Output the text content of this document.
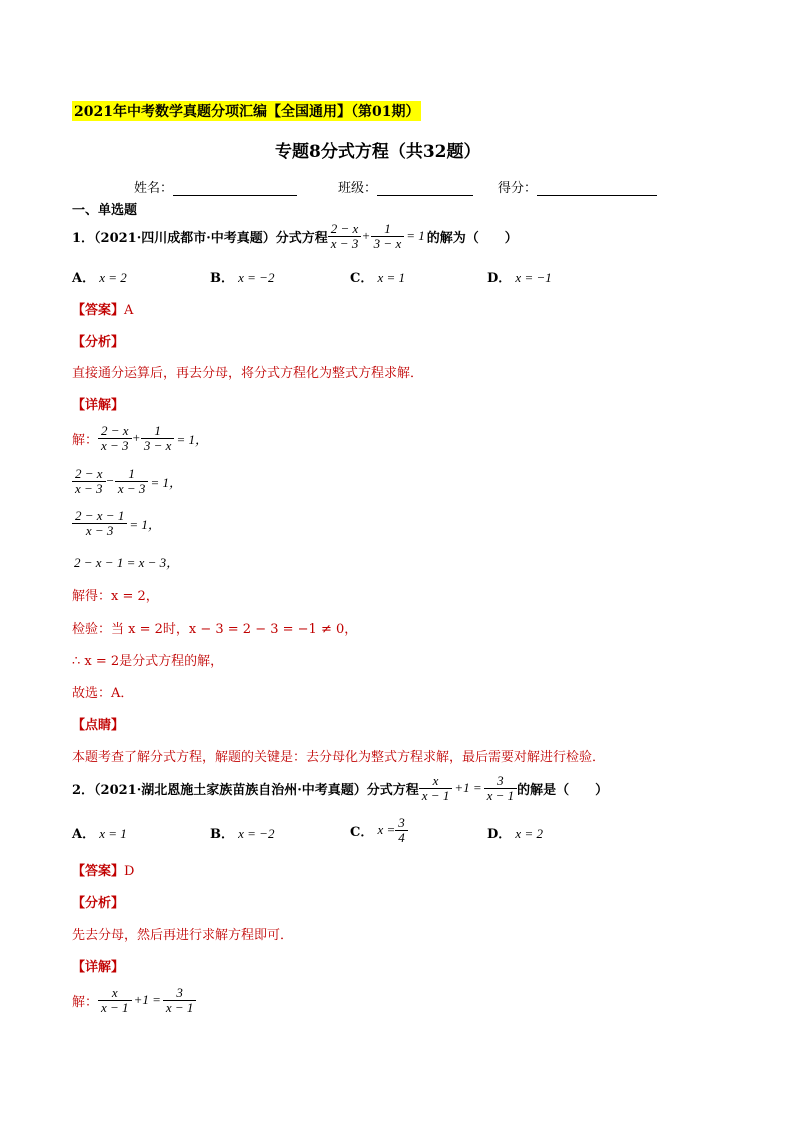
2021年中考数学真题分项汇编【全国通用】（第01期）
专题8分式方程（共32题）
姓名：	班级：	得分：
一、单选题
1．（2021·四川成都市·中考真题）分式方程 $\frac{2 - x}{x - 3} + \frac{1}{3 - x} = 1$ 的解为（　　）
A． x = 2	B． x = −2	C． x = 1	D． x = −1
【答案】A
【分析】
直接通分运算后，再去分母，将分式方程化为整式方程求解．
【详解】
解： $\frac{2 - x}{x - 3} + \frac{1}{3 - x} = 1$，
$\frac{2 - x}{x - 3} - \frac{1}{x - 3} = 1$，
$\frac{2 - x - 1}{x - 3} = 1$，
2 − x − 1 = x − 3，
解得：x = 2，
检验：当 x = 2时，x − 3 = 2 − 3 = −1 ≠ 0，
∴ x = 2是分式方程的解，
故选：A．
【点睛】
本题考查了解分式方程，解题的关键是：去分母化为整式方程求解，最后需要对解进行检验．
2．（2021·湖北恩施土家族苗族自治州·中考真题）分式方程 $\frac{x}{x - 1} +1 = \frac{3}{x - 1}$ 的解是（　　）
A． x = 1	B． x = −2	C．
$x = \frac{3}{4}$	D． x = 2
【答案】D
【分析】
先去分母，然后再进行求解方程即可．
【详解】
解： $\frac{x}{x - 1} +1 = \frac{3}{x - 1}$
